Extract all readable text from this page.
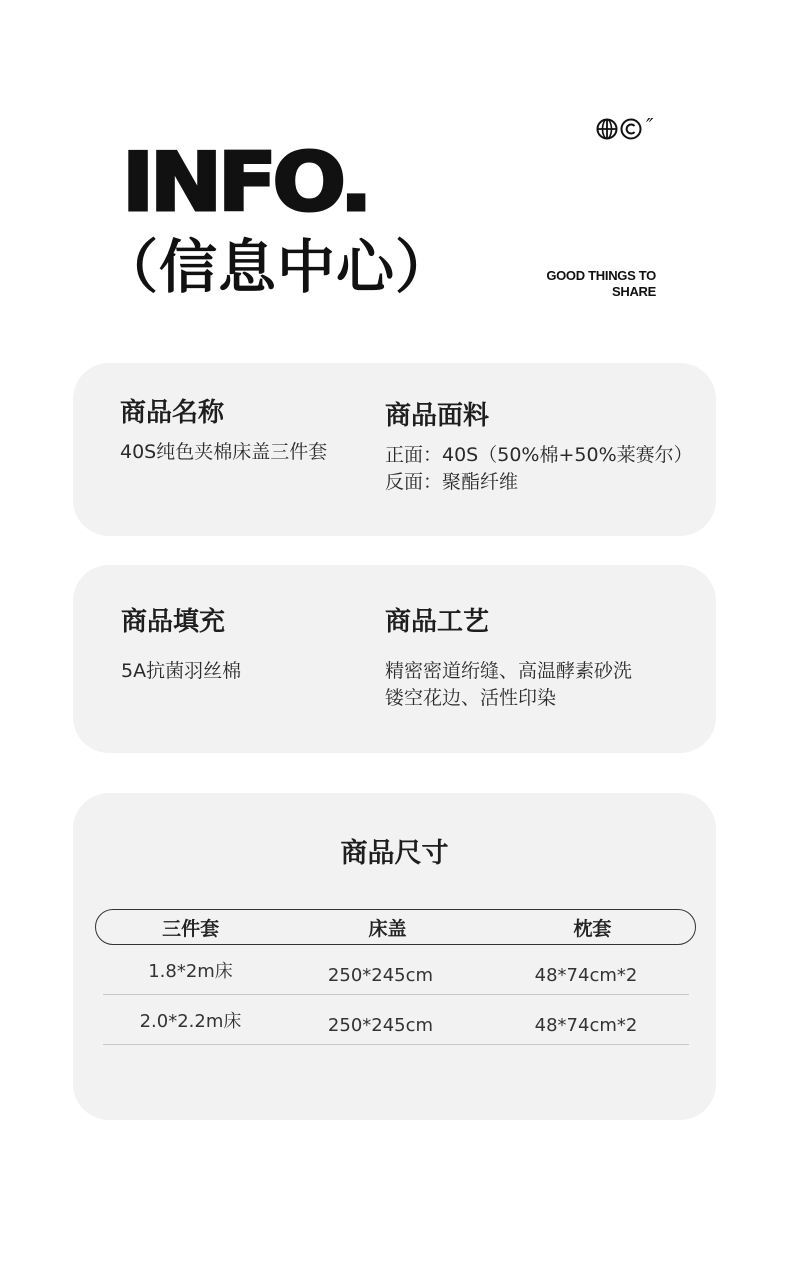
″
INFO.
（信息中心）	GOOD THINGS TO
SHARE
商品名称
40S纯色夹棉床盖三件套
商品面料
正面：40S（50%棉+50%莱赛尔）
反面：聚酯纤维
商品填充
5A抗菌羽丝棉
商品工艺
精密密道绗缝、高温酵素砂洗
镂空花边、活性印染
商品尺寸
三件套	床盖	枕套
1.8*2m床	250*245cm	48*74cm*2
2.0*2.2m床	250*245cm	48*74cm*2
